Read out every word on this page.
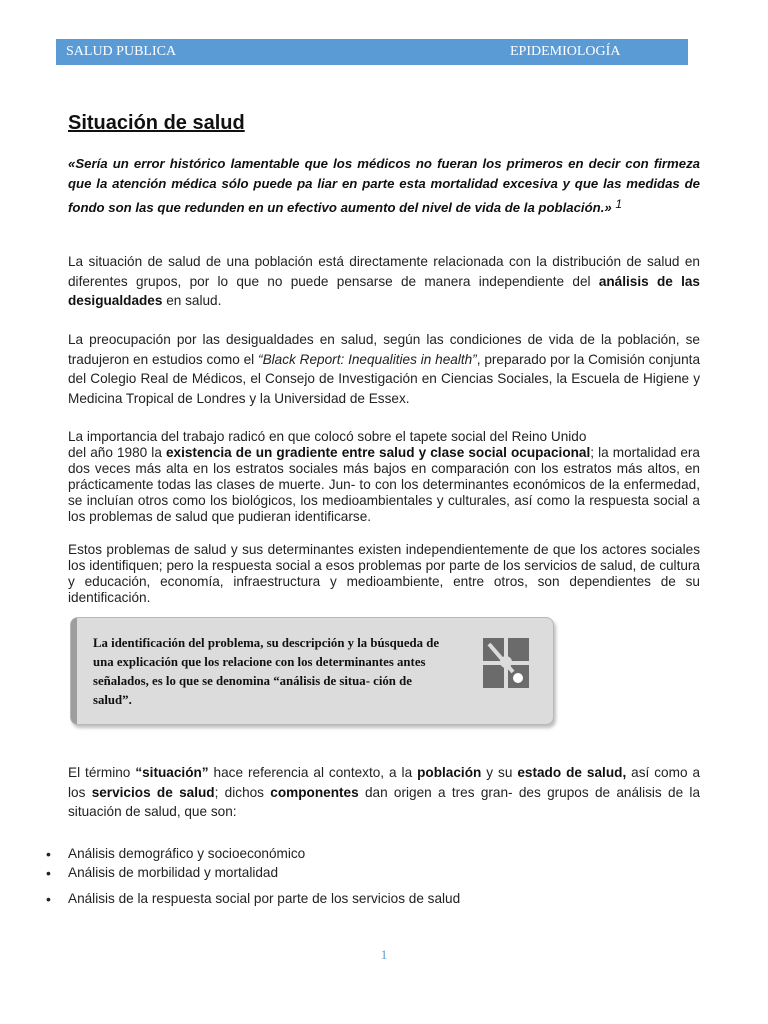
SALUD PUBLICA	EPIDEMIOLOGÍA
Situación de salud
«Sería un error histórico lamentable que los médicos no fueran los primeros en decir con firmeza que la atención médica sólo puede pa liar en parte esta mortalidad excesiva y que las medidas de fondo son las que redunden en un efectivo aumento del nivel de vida de la población.» $^1$
La situación de salud de una población está directamente relacionada con la distribución de salud en diferentes grupos, por lo que no puede pensarse de manera independiente del análisis de las desigualdades en salud.
La preocupación por las desigualdades en salud, según las condiciones de vida de la población, se tradujeron en estudios como el “Black Report: Inequalities in health”, preparado por la Comisión conjunta del Colegio Real de Médicos, el Consejo de Investigación en Ciencias Sociales, la Escuela de Higiene y Medicina Tropical de Londres y la Universidad de Essex.
La importancia del trabajo radicó en que colocó sobre el tapete social del Reino Unido
del año 1980 la existencia de un gradiente entre salud y clase social ocupacional; la mortalidad era dos veces más alta en los estratos sociales más bajos en comparación con los estratos más altos, en prácticamente todas las clases de muerte. Jun- to con los determinantes económicos de la enfermedad, se incluían otros como los biológicos, los medioambientales y culturales, así como la respuesta social a los problemas de salud que pudieran identificarse.
Estos problemas de salud y sus determinantes existen independientemente de que los actores sociales los identifiquen; pero la respuesta social a esos problemas por parte de los servicios de salud, de cultura y educación, economía, infraestructura y medioambiente, entre otros, son dependientes de su identificación.
La identificación del problema, su descripción y la búsqueda de una explicación que los relacione con los determinantes antes señalados, es lo que se denomina “análisis de situa- ción de salud”.
El término “situación” hace referencia al contexto, a la población y su estado de salud, así como a los servicios de salud; dichos componentes dan origen a tres gran- des grupos de análisis de la situación de salud, que son:
• Análisis demográfico y socioeconómico
• Análisis de morbilidad y mortalidad
• Análisis de la respuesta social por parte de los servicios de salud
1
